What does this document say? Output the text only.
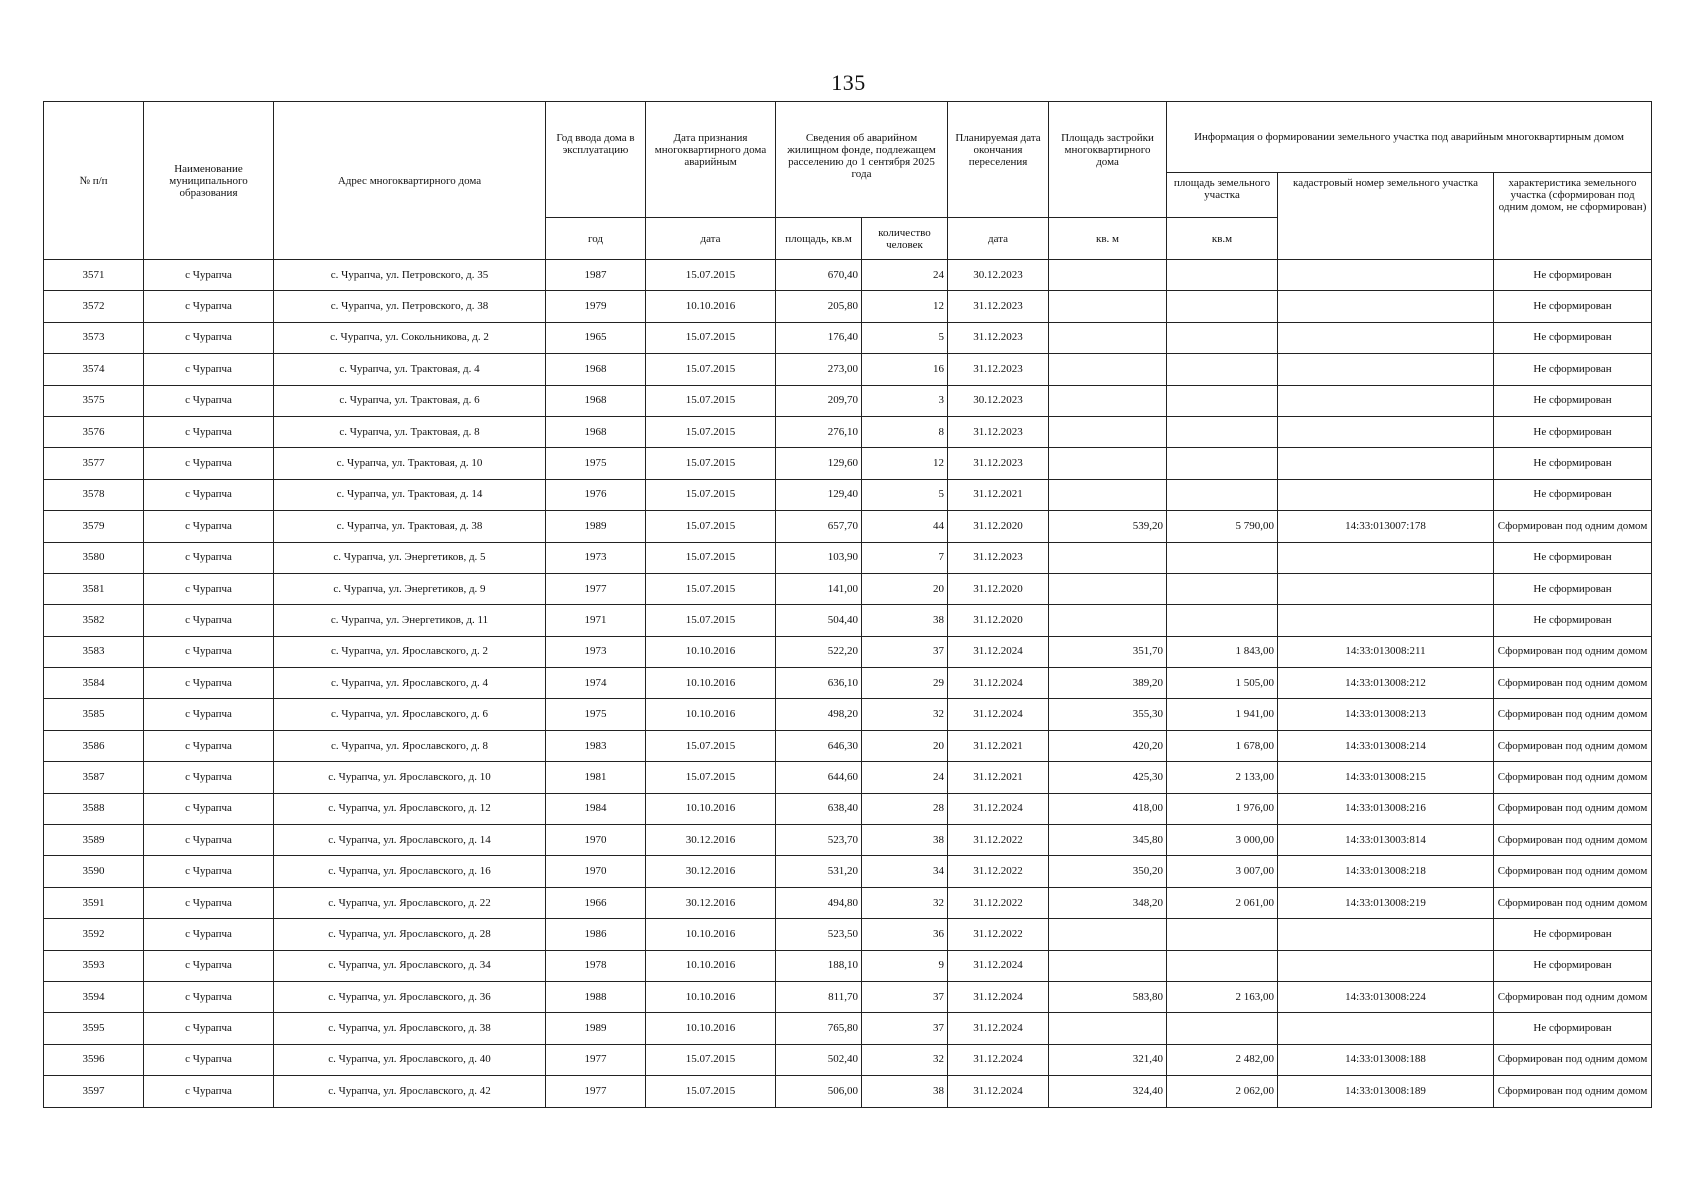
135
№ п/п	Наименование муниципального образования	Адрес многоквартирного дома	Год ввода дома в эксплуатацию	Дата признания многоквартирного дома аварийным	Сведения об аварийном жилищном фонде, подлежащем расселению до 1 сентября 2025 года		Планируемая дата окончания переселения	Площадь застройки многоквартирного дома	Информация о формировании земельного участка под аварийным многоквартирным домом		
									площадь земельного участка	кадастровый номер земельного участка	характеристика земельного участка (сформирован под одним домом, не сформирован)
			год	дата	площадь, кв.м	количество человек	дата	кв. м	кв.м		
3571	с Чурапча	с. Чурапча, ул. Петровского, д. 35	1987	15.07.2015	670,40	24	30.12.2023				Не сформирован
3572	с Чурапча	с. Чурапча, ул. Петровского, д. 38	1979	10.10.2016	205,80	12	31.12.2023				Не сформирован
3573	с Чурапча	с. Чурапча, ул. Сокольникова, д. 2	1965	15.07.2015	176,40	5	31.12.2023				Не сформирован
3574	с Чурапча	с. Чурапча, ул. Трактовая, д. 4	1968	15.07.2015	273,00	16	31.12.2023				Не сформирован
3575	с Чурапча	с. Чурапча, ул. Трактовая, д. 6	1968	15.07.2015	209,70	3	30.12.2023				Не сформирован
3576	с Чурапча	с. Чурапча, ул. Трактовая, д. 8	1968	15.07.2015	276,10	8	31.12.2023				Не сформирован
3577	с Чурапча	с. Чурапча, ул. Трактовая, д. 10	1975	15.07.2015	129,60	12	31.12.2023				Не сформирован
3578	с Чурапча	с. Чурапча, ул. Трактовая, д. 14	1976	15.07.2015	129,40	5	31.12.2021				Не сформирован
3579	с Чурапча	с. Чурапча, ул. Трактовая, д. 38	1989	15.07.2015	657,70	44	31.12.2020	539,20	5 790,00	14:33:013007:178	Сформирован под одним домом
3580	с Чурапча	с. Чурапча, ул. Энергетиков, д. 5	1973	15.07.2015	103,90	7	31.12.2023				Не сформирован
3581	с Чурапча	с. Чурапча, ул. Энергетиков, д. 9	1977	15.07.2015	141,00	20	31.12.2020				Не сформирован
3582	с Чурапча	с. Чурапча, ул. Энергетиков, д. 11	1971	15.07.2015	504,40	38	31.12.2020				Не сформирован
3583	с Чурапча	с. Чурапча, ул. Ярославского, д. 2	1973	10.10.2016	522,20	37	31.12.2024	351,70	1 843,00	14:33:013008:211	Сформирован под одним домом
3584	с Чурапча	с. Чурапча, ул. Ярославского, д. 4	1974	10.10.2016	636,10	29	31.12.2024	389,20	1 505,00	14:33:013008:212	Сформирован под одним домом
3585	с Чурапча	с. Чурапча, ул. Ярославского, д. 6	1975	10.10.2016	498,20	32	31.12.2024	355,30	1 941,00	14:33:013008:213	Сформирован под одним домом
3586	с Чурапча	с. Чурапча, ул. Ярославского, д. 8	1983	15.07.2015	646,30	20	31.12.2021	420,20	1 678,00	14:33:013008:214	Сформирован под одним домом
3587	с Чурапча	с. Чурапча, ул. Ярославского, д. 10	1981	15.07.2015	644,60	24	31.12.2021	425,30	2 133,00	14:33:013008:215	Сформирован под одним домом
3588	с Чурапча	с. Чурапча, ул. Ярославского, д. 12	1984	10.10.2016	638,40	28	31.12.2024	418,00	1 976,00	14:33:013008:216	Сформирован под одним домом
3589	с Чурапча	с. Чурапча, ул. Ярославского, д. 14	1970	30.12.2016	523,70	38	31.12.2022	345,80	3 000,00	14:33:013003:814	Сформирован под одним домом
3590	с Чурапча	с. Чурапча, ул. Ярославского, д. 16	1970	30.12.2016	531,20	34	31.12.2022	350,20	3 007,00	14:33:013008:218	Сформирован под одним домом
3591	с Чурапча	с. Чурапча, ул. Ярославского, д. 22	1966	30.12.2016	494,80	32	31.12.2022	348,20	2 061,00	14:33:013008:219	Сформирован под одним домом
3592	с Чурапча	с. Чурапча, ул. Ярославского, д. 28	1986	10.10.2016	523,50	36	31.12.2022				Не сформирован
3593	с Чурапча	с. Чурапча, ул. Ярославского, д. 34	1978	10.10.2016	188,10	9	31.12.2024				Не сформирован
3594	с Чурапча	с. Чурапча, ул. Ярославского, д. 36	1988	10.10.2016	811,70	37	31.12.2024	583,80	2 163,00	14:33:013008:224	Сформирован под одним домом
3595	с Чурапча	с. Чурапча, ул. Ярославского, д. 38	1989	10.10.2016	765,80	37	31.12.2024				Не сформирован
3596	с Чурапча	с. Чурапча, ул. Ярославского, д. 40	1977	15.07.2015	502,40	32	31.12.2024	321,40	2 482,00	14:33:013008:188	Сформирован под одним домом
3597	с Чурапча	с. Чурапча, ул. Ярославского, д. 42	1977	15.07.2015	506,00	38	31.12.2024	324,40	2 062,00	14:33:013008:189	Сформирован под одним домом
